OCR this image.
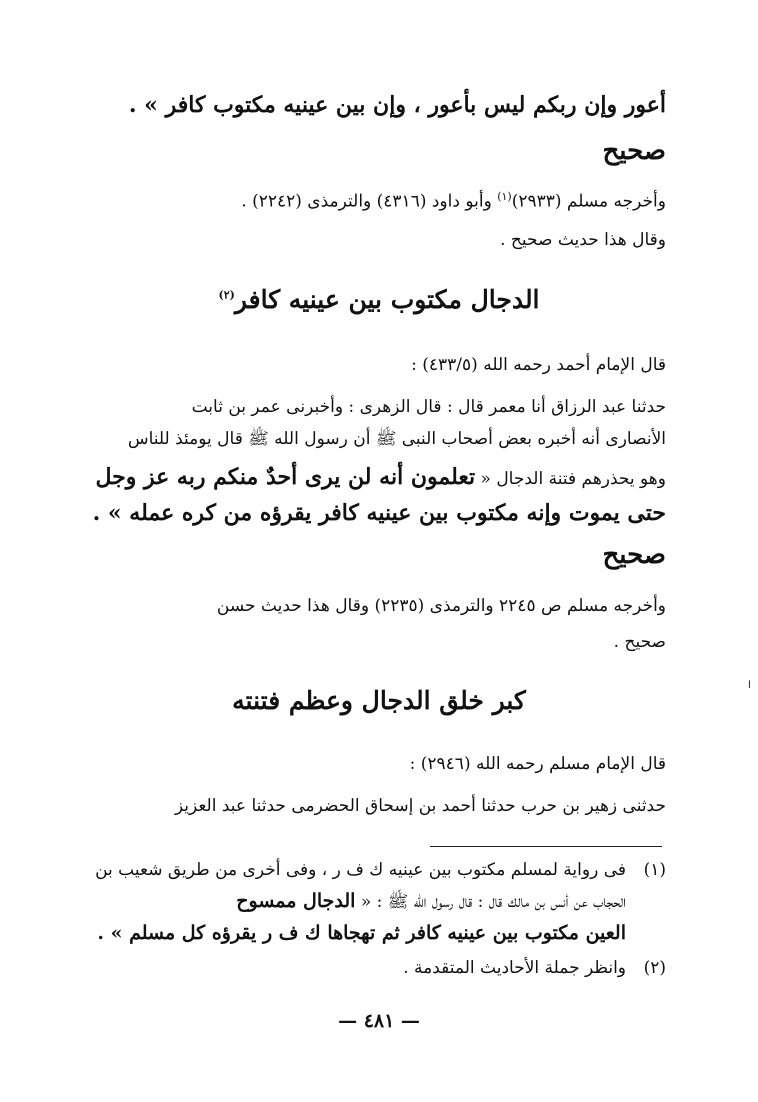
أعور وإن ربكم ليس بأعور ، وإن بين عينيه مكتوب كافر » .
صحيح
وأخرجه مسلم (٢٩٣٣)$^{(١)}$ وأبو داود (٤٣١٦) والترمذى (٢٢٤٢) .
وقال هذا حديث صحيح .
الدجال مكتوب بين عينيه كافر$^{(٢)}$
قال الإمام أحمد رحمه الله (٤٣٣/٥) :
حدثنا عبد الرزاق أنا معمر قال : قال الزهرى : وأخبرنى عمر بن ثابت
الأنصارى أنه أخبره بعض أصحاب النبى ﷺ أن رسول الله ﷺ قال يومئذ للناس
وهو يحذرهم فتنة الدجال « تعلمون أنه لن يرى أحدٌ منكم ربه عز وجل
حتى يموت وإنه مكتوب بين عينيه كافر يقرؤه من كره عمله » .
صحيح
وأخرجه مسلم ص ٢٢٤٥ والترمذى (٢٢٣٥) وقال هذا حديث حسن
صحيح .
كبر خلق الدجال وعظم فتنته
قال الإمام مسلم رحمه الله (٢٩٤٦) :
حدثنى زهير بن حرب حدثنا أحمد بن إسحاق الحضرمى حدثنا عبد العزيز
(١)فى رواية لمسلم مكتوب بين عينيه ك ف ر ، وفى أخرى من طريق شعيب بن
الحجاب عن أنس بن مالك قال : قال رسول الله ﷺ : « الدجال ممسوح
العين مكتوب بين عينيه كافر ثم تهجاها ك ف ر يقرؤه كل مسلم » .
(٢)وانظر جملة الأحاديث المتقدمة .
— ٤٨١ —
ا
